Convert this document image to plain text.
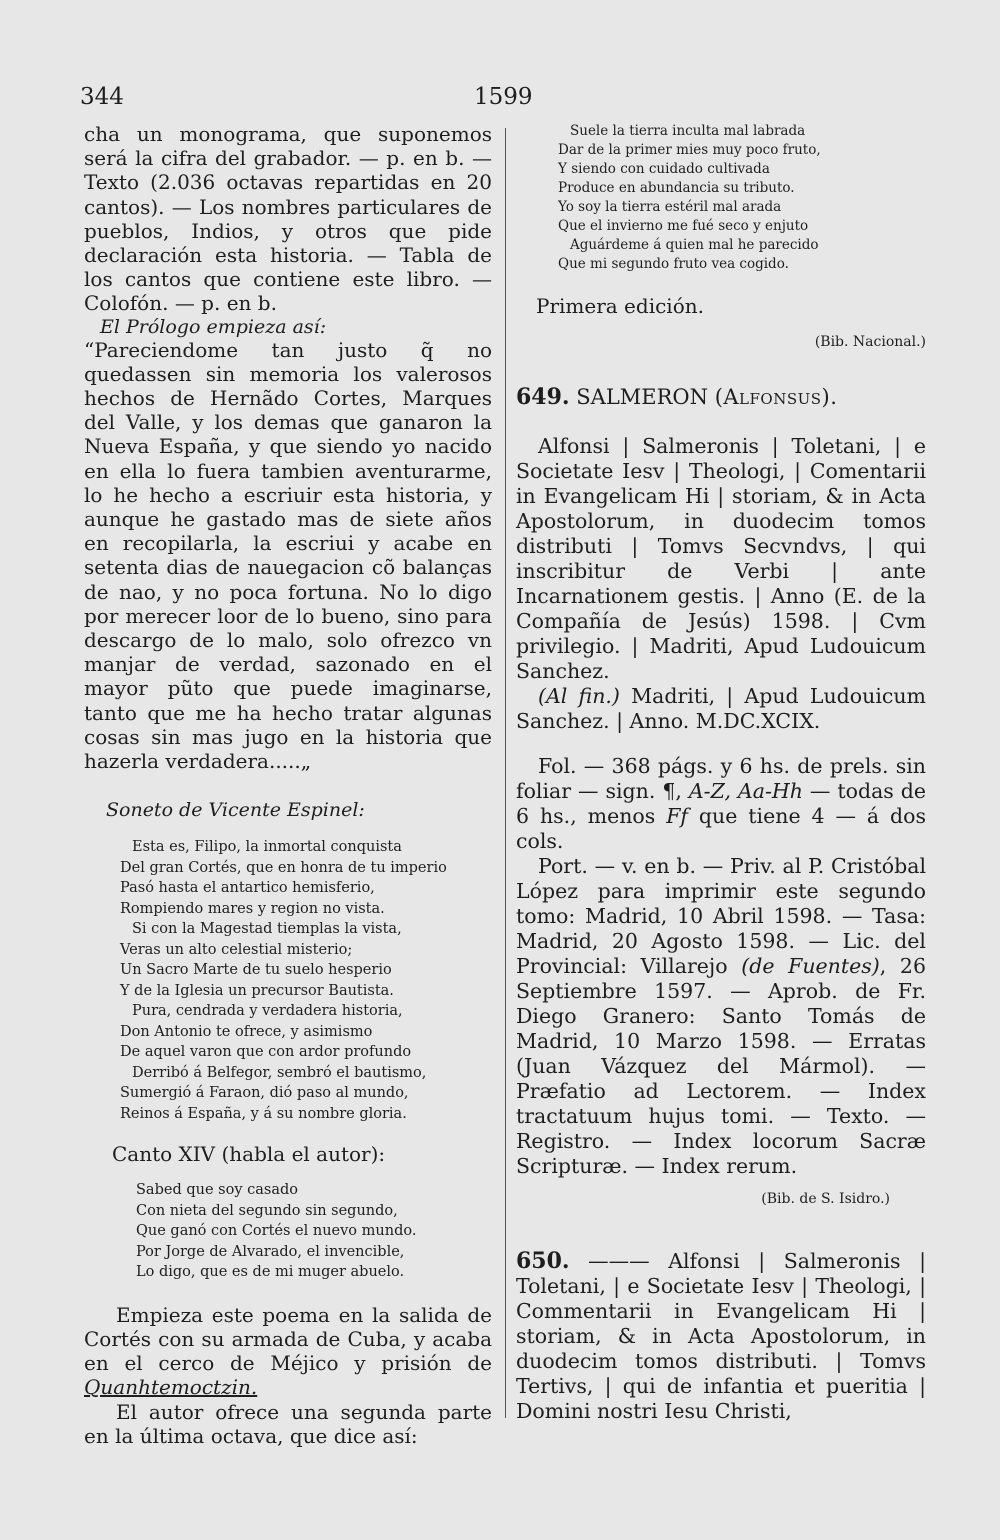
344	1599

cha un monograma, que suponemos será la cifra del grabador. — p. en b. — Texto (2.036 octavas repartidas en 20 cantos). — Los nombres particulares de pueblos, Indios, y otros que pide declaración esta historia. — Tabla de los cantos que contiene este libro. — Colofón. — p. en b.

El Prólogo empieza así:

“Pareciendome tan justo q̃ no quedassen sin memoria los valerosos hechos de Hernãdo Cortes, Marques del Valle, y los demas que ganaron la Nueva España, y que siendo yo nacido en ella lo fuera tambien aventurarme, lo he hecho a escriuir esta historia, y aunque he gastado mas de siete años en recopilarla, la escriui y acabe en setenta dias de nauegacion cõ balanças de nao, y no poca fortuna. No lo digo por merecer loor de lo bueno, sino para descargo de lo malo, solo ofrezco vn manjar de verdad, sazonado en el mayor pũto que puede imaginarse, tanto que me ha hecho tratar algunas cosas sin mas jugo en la historia que hazerla verdadera.....„

Soneto de Vicente Espinel:

Esta es, Filipo, la inmortal conquista
Del gran Cortés, que en honra de tu imperio
Pasó hasta el antartico hemisferio,
Rompiendo mares y region no vista.
Si con la Magestad tiemplas la vista,
Veras un alto celestial misterio;
Un Sacro Marte de tu suelo hesperio
Y de la Iglesia un precursor Bautista.
Pura, cendrada y verdadera historia,
Don Antonio te ofrece, y asimismo
De aquel varon que con ardor profundo
Derribó á Belfegor, sembró el bautismo,
Sumergió á Faraon, dió paso al mundo,
Reinos á España, y á su nombre gloria.

Canto XIV (habla el autor):

Sabed que soy casado
Con nieta del segundo sin segundo,
Que ganó con Cortés el nuevo mundo.
Por Jorge de Alvarado, el invencible,
Lo digo, que es de mi muger abuelo.

Empieza este poema en la salida de Cortés con su armada de Cuba, y acaba en el cerco de Méjico y prisión de Quanhtemoctzin.

El autor ofrece una segunda parte en la última octava, que dice así:

Suele la tierra inculta mal labrada
Dar de la primer mies muy poco fruto,
Y siendo con cuidado cultivada
Produce en abundancia su tributo.
Yo soy la tierra estéril mal arada
Que el invierno me fué seco y enjuto
Aguárdeme á quien mal he parecido
Que mi segundo fruto vea cogido.

Primera edición.

(Bib. Nacional.)

649. SALMERON (Alfonsus).

Alfonsi | Salmeronis | Toletani, | e Societate Iesv | Theologi, | Comentarii in Evangelicam Hi | storiam, & in Acta Apostolorum, in duodecim tomos distributi | Tomvs Secvndvs, | qui inscribitur de Verbi | ante Incarnationem gestis. | Anno (E. de la Compañía de Jesús) 1598. | Cvm privilegio. | Madriti, Apud Ludouicum Sanchez.

(Al fin.) Madriti, | Apud Ludouicum Sanchez. | Anno. M.DC.XCIX.

Fol. — 368 págs. y 6 hs. de prels. sin foliar — sign. ¶, A-Z, Aa-Hh — todas de 6 hs., menos Ff que tiene 4 — á dos cols.

Port. — v. en b. — Priv. al P. Cristóbal López para imprimir este segundo tomo: Madrid, 10 Abril 1598. — Tasa: Madrid, 20 Agosto 1598. — Lic. del Provincial: Villarejo (de Fuentes), 26 Septiembre 1597. — Aprob. de Fr. Diego Granero: Santo Tomás de Madrid, 10 Marzo 1598. — Erratas (Juan Vázquez del Mármol). — Præfatio ad Lectorem. — Index tractatuum hujus tomi. — Texto. — Registro. — Index locorum Sacræ Scripturæ. — Index rerum.

(Bib. de S. Isidro.)

650. ——— Alfonsi | Salmeronis | Toletani, | e Societate Iesv | Theologi, | Commentarii in Evangelicam Hi | storiam, & in Acta Apostolorum, in duodecim tomos distributi. | Tomvs Tertivs, | qui de infantia et pueritia | Domini nostri Iesu Christi,
